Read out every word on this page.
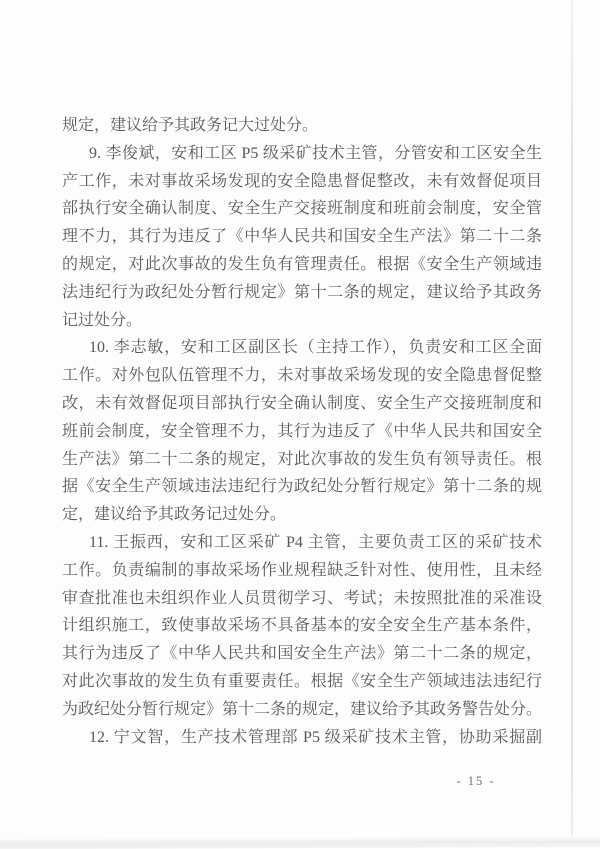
规定，建议给予其政务记大过处分。
9. 李俊斌，安和工区 P5 级采矿技术主管，分管安和工区安全生
产工作，未对事故采场发现的安全隐患督促整改，未有效督促项目
部执行安全确认制度、安全生产交接班制度和班前会制度，安全管
理不力，其行为违反了《中华人民共和国安全生产法》第二十二条
的规定，对此次事故的发生负有管理责任。根据《安全生产领域违
法违纪行为政纪处分暂行规定》第十二条的规定，建议给予其政务
记过处分。
10. 李志敏，安和工区副区长（主持工作），负责安和工区全面
工作。对外包队伍管理不力，未对事故采场发现的安全隐患督促整
改，未有效督促项目部执行安全确认制度、安全生产交接班制度和
班前会制度，安全管理不力，其行为违反了《中华人民共和国安全
生产法》第二十二条的规定，对此次事故的发生负有领导责任。根
据《安全生产领域违法违纪行为政纪处分暂行规定》第十二条的规
定，建议给予其政务记过处分。
11. 王振西，安和工区采矿 P4 主管，主要负责工区的采矿技术
工作。负责编制的事故采场作业规程缺乏针对性、使用性，且未经
审查批准也未组织作业人员贯彻学习、考试；未按照批准的采准设
计组织施工，致使事故采场不具备基本的安全安全生产基本条件，
其行为违反了《中华人民共和国安全生产法》第二十二条的规定，
对此次事故的发生负有重要责任。根据《安全生产领域违法违纪行
为政纪处分暂行规定》第十二条的规定，建议给予其政务警告处分。
12. 宁文智，生产技术管理部 P5 级采矿技术主管，协助采掘副
- 15 -
